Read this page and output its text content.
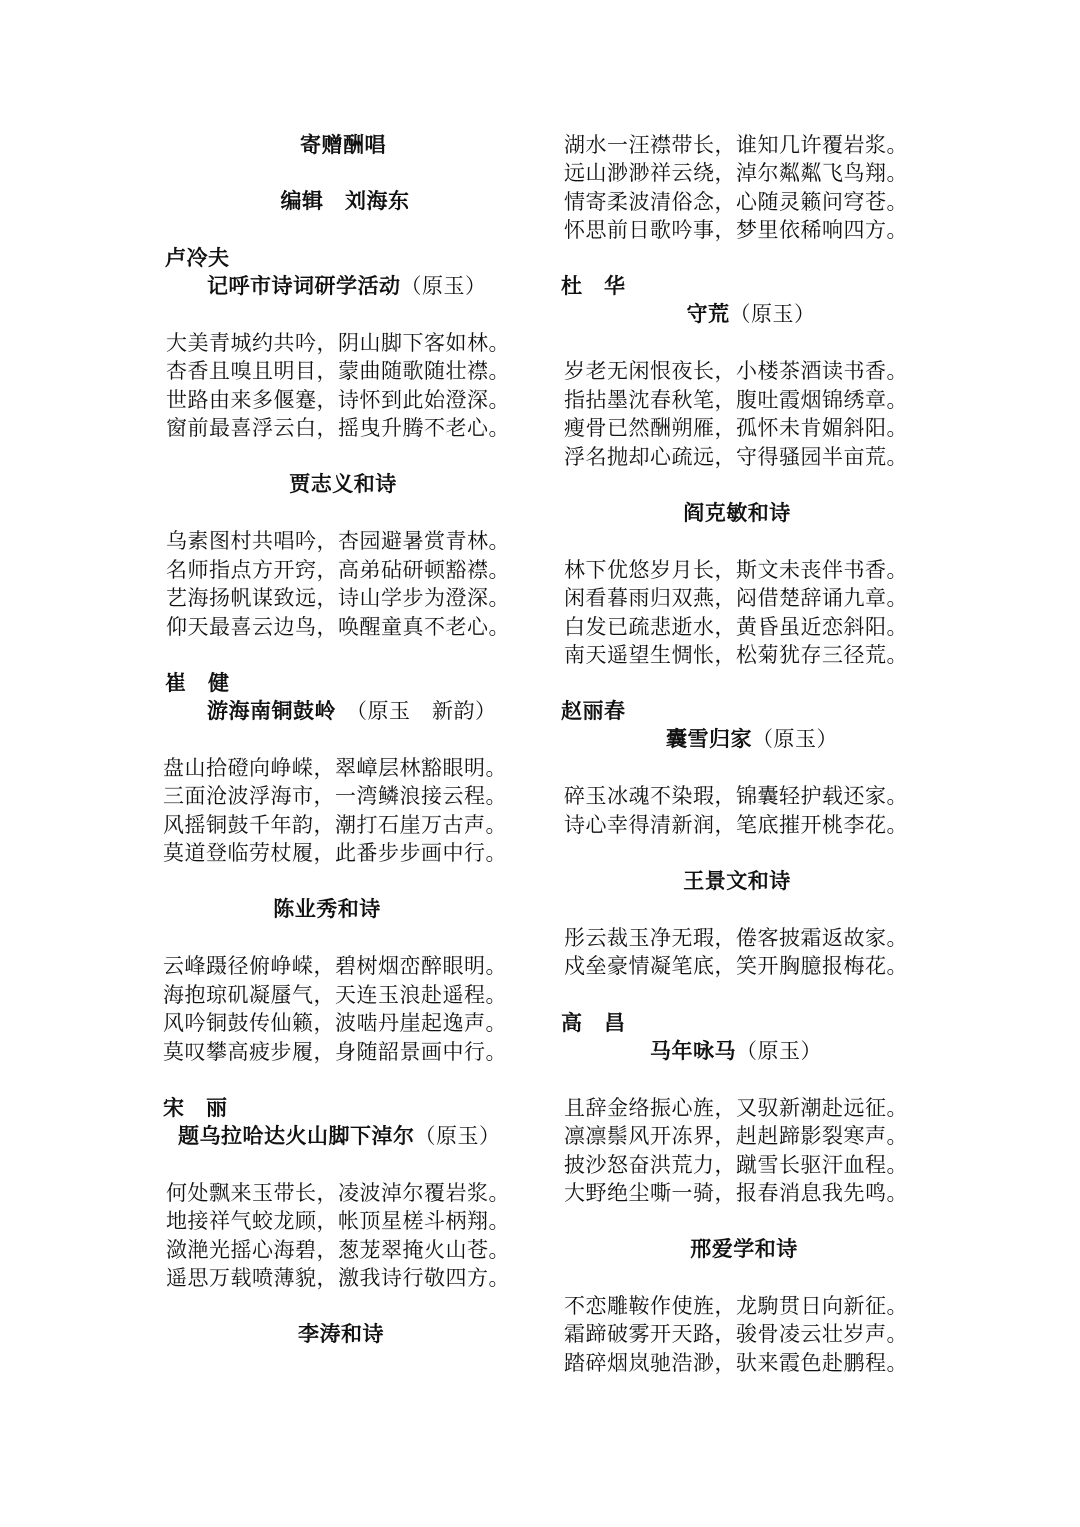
寄赠酬唱
编辑　 刘海东
卢冷夫
记呼市诗词研学活动（原玉）
大美青城约共吟，阴山脚下客如林。
杏香且嗅且明目，蒙曲随歌随壮襟。
世路由来多偃蹇，诗怀到此始澄深。
窗前最喜浮云白，摇曳升腾不老心。
贾志义和诗
乌素图村共唱吟，杏园避暑赏青林。
名师指点方开窍，高弟砧研顿豁襟。
艺海扬帆谋致远，诗山学步为澄深。
仰天最喜云边鸟，唤醒童真不老心。
崔　健
游海南铜鼓岭 （原玉　新韵）
盘山拾磴向峥嵘，翠嶂层林豁眼明。
三面沧波浮海市，一湾鳞浪接云程。
风摇铜鼓千年韵，潮打石崖万古声。
莫道登临劳杖履，此番步步画中行。
陈业秀和诗
云峰蹑径俯峥嵘，碧树烟峦醉眼明。
海抱琼矶凝蜃气，天连玉浪赴遥程。
风吟铜鼓传仙籁，波啮丹崖起逸声。
莫叹攀高疲步履，身随韶景画中行。
宋　丽
题乌拉哈达火山脚下淖尔（原玉）
何处飘来玉带长，凌波淖尔覆岩浆。
地接祥气蛟龙顾，帐顶星槎斗柄翔。
潋滟光摇心海碧，葱茏翠掩火山苍。
遥思万载喷薄貌，激我诗行敬四方。
李涛和诗
湖水一汪襟带长，谁知几许覆岩浆。
远山渺渺祥云绕，淖尔粼粼飞鸟翔。
情寄柔波清俗念，心随灵籁问穹苍。
怀思前日歌吟事，梦里依稀响四方。
杜　华
守荒（原玉）
岁老无闲恨夜长，小楼茶酒读书香。
指拈墨沈春秋笔，腹吐霞烟锦绣章。
瘦骨已然酬朔雁，孤怀未肯媚斜阳。
浮名抛却心疏远，守得骚园半亩荒。
阎克敏和诗
林下优悠岁月长，斯文未丧伴书香。
闲看暮雨归双燕，闷借楚辞诵九章。
白发已疏悲逝水，黄昏虽近恋斜阳。
南天遥望生惆怅，松菊犹存三径荒。
赵丽春
囊雪归家（原玉）
碎玉冰魂不染瑕，锦囊轻护载还家。
诗心幸得清新润，笔底摧开桃李花。
王景文和诗
彤云裁玉净无瑕，倦客披霜返故家。
戍垒豪情凝笔底，笑开胸臆报梅花。
高　昌
马年咏马（原玉）
且辞金络振心旌，又驭新潮赴远征。
凛凛鬃风开冻界，赳赳蹄影裂寒声。
披沙怒奋洪荒力，蹴雪长驱汗血程。
大野绝尘嘶一骑，报春消息我先鸣。
邢爱学和诗
不恋雕鞍作使旌，龙駒贯日向新征。
霜蹄破雾开天路，骏骨凌云壮岁声。
踏碎烟岚驰浩渺，驮来霞色赴鹏程。
